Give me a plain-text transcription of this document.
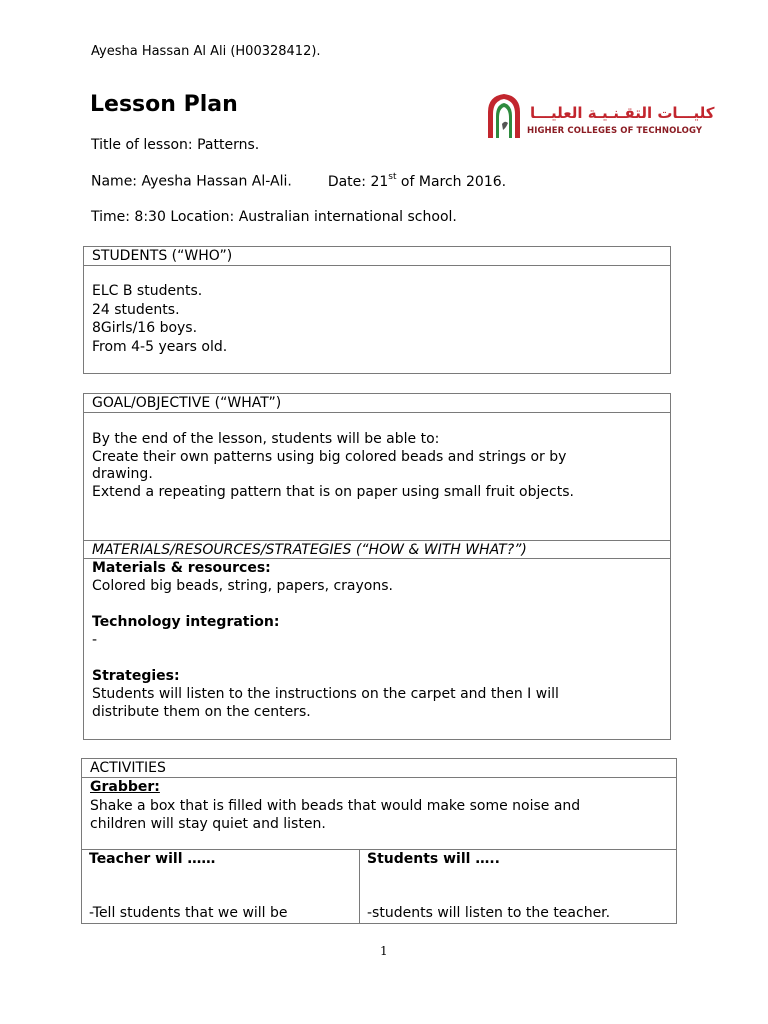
Ayesha Hassan Al Ali (H00328412).
Lesson Plan	كليـــات التقـنـيـة العليـــا
HIGHER COLLEGES OF TECHNOLOGY
Title of lesson: Patterns.
Name: Ayesha Hassan Al-Ali.	Date: 21st of March 2016.
Time: 8:30 Location: Australian international school.
STUDENTS (“WHO”)
ELC B students.
24 students.
8Girls/16 boys.
From 4-5 years old.
GOAL/OBJECTIVE (“WHAT”)
By the end of the lesson, students will be able to:
Create their own patterns using big colored beads and strings or by
drawing.
Extend a repeating pattern that is on paper using small fruit objects.
MATERIALS/RESOURCES/STRATEGIES (“HOW & WITH WHAT?”)
Materials & resources:
Colored big beads, string, papers, crayons.
Technology integration:
-
Strategies:
Students will listen to the instructions on the carpet and then I will
distribute them on the centers.
ACTIVITIES
Grabber:
Shake a box that is filled with beads that would make some noise and
children will stay quiet and listen.
Teacher will ……
-Tell students that we will be
Students will …..
-students will listen to the teacher.
1
